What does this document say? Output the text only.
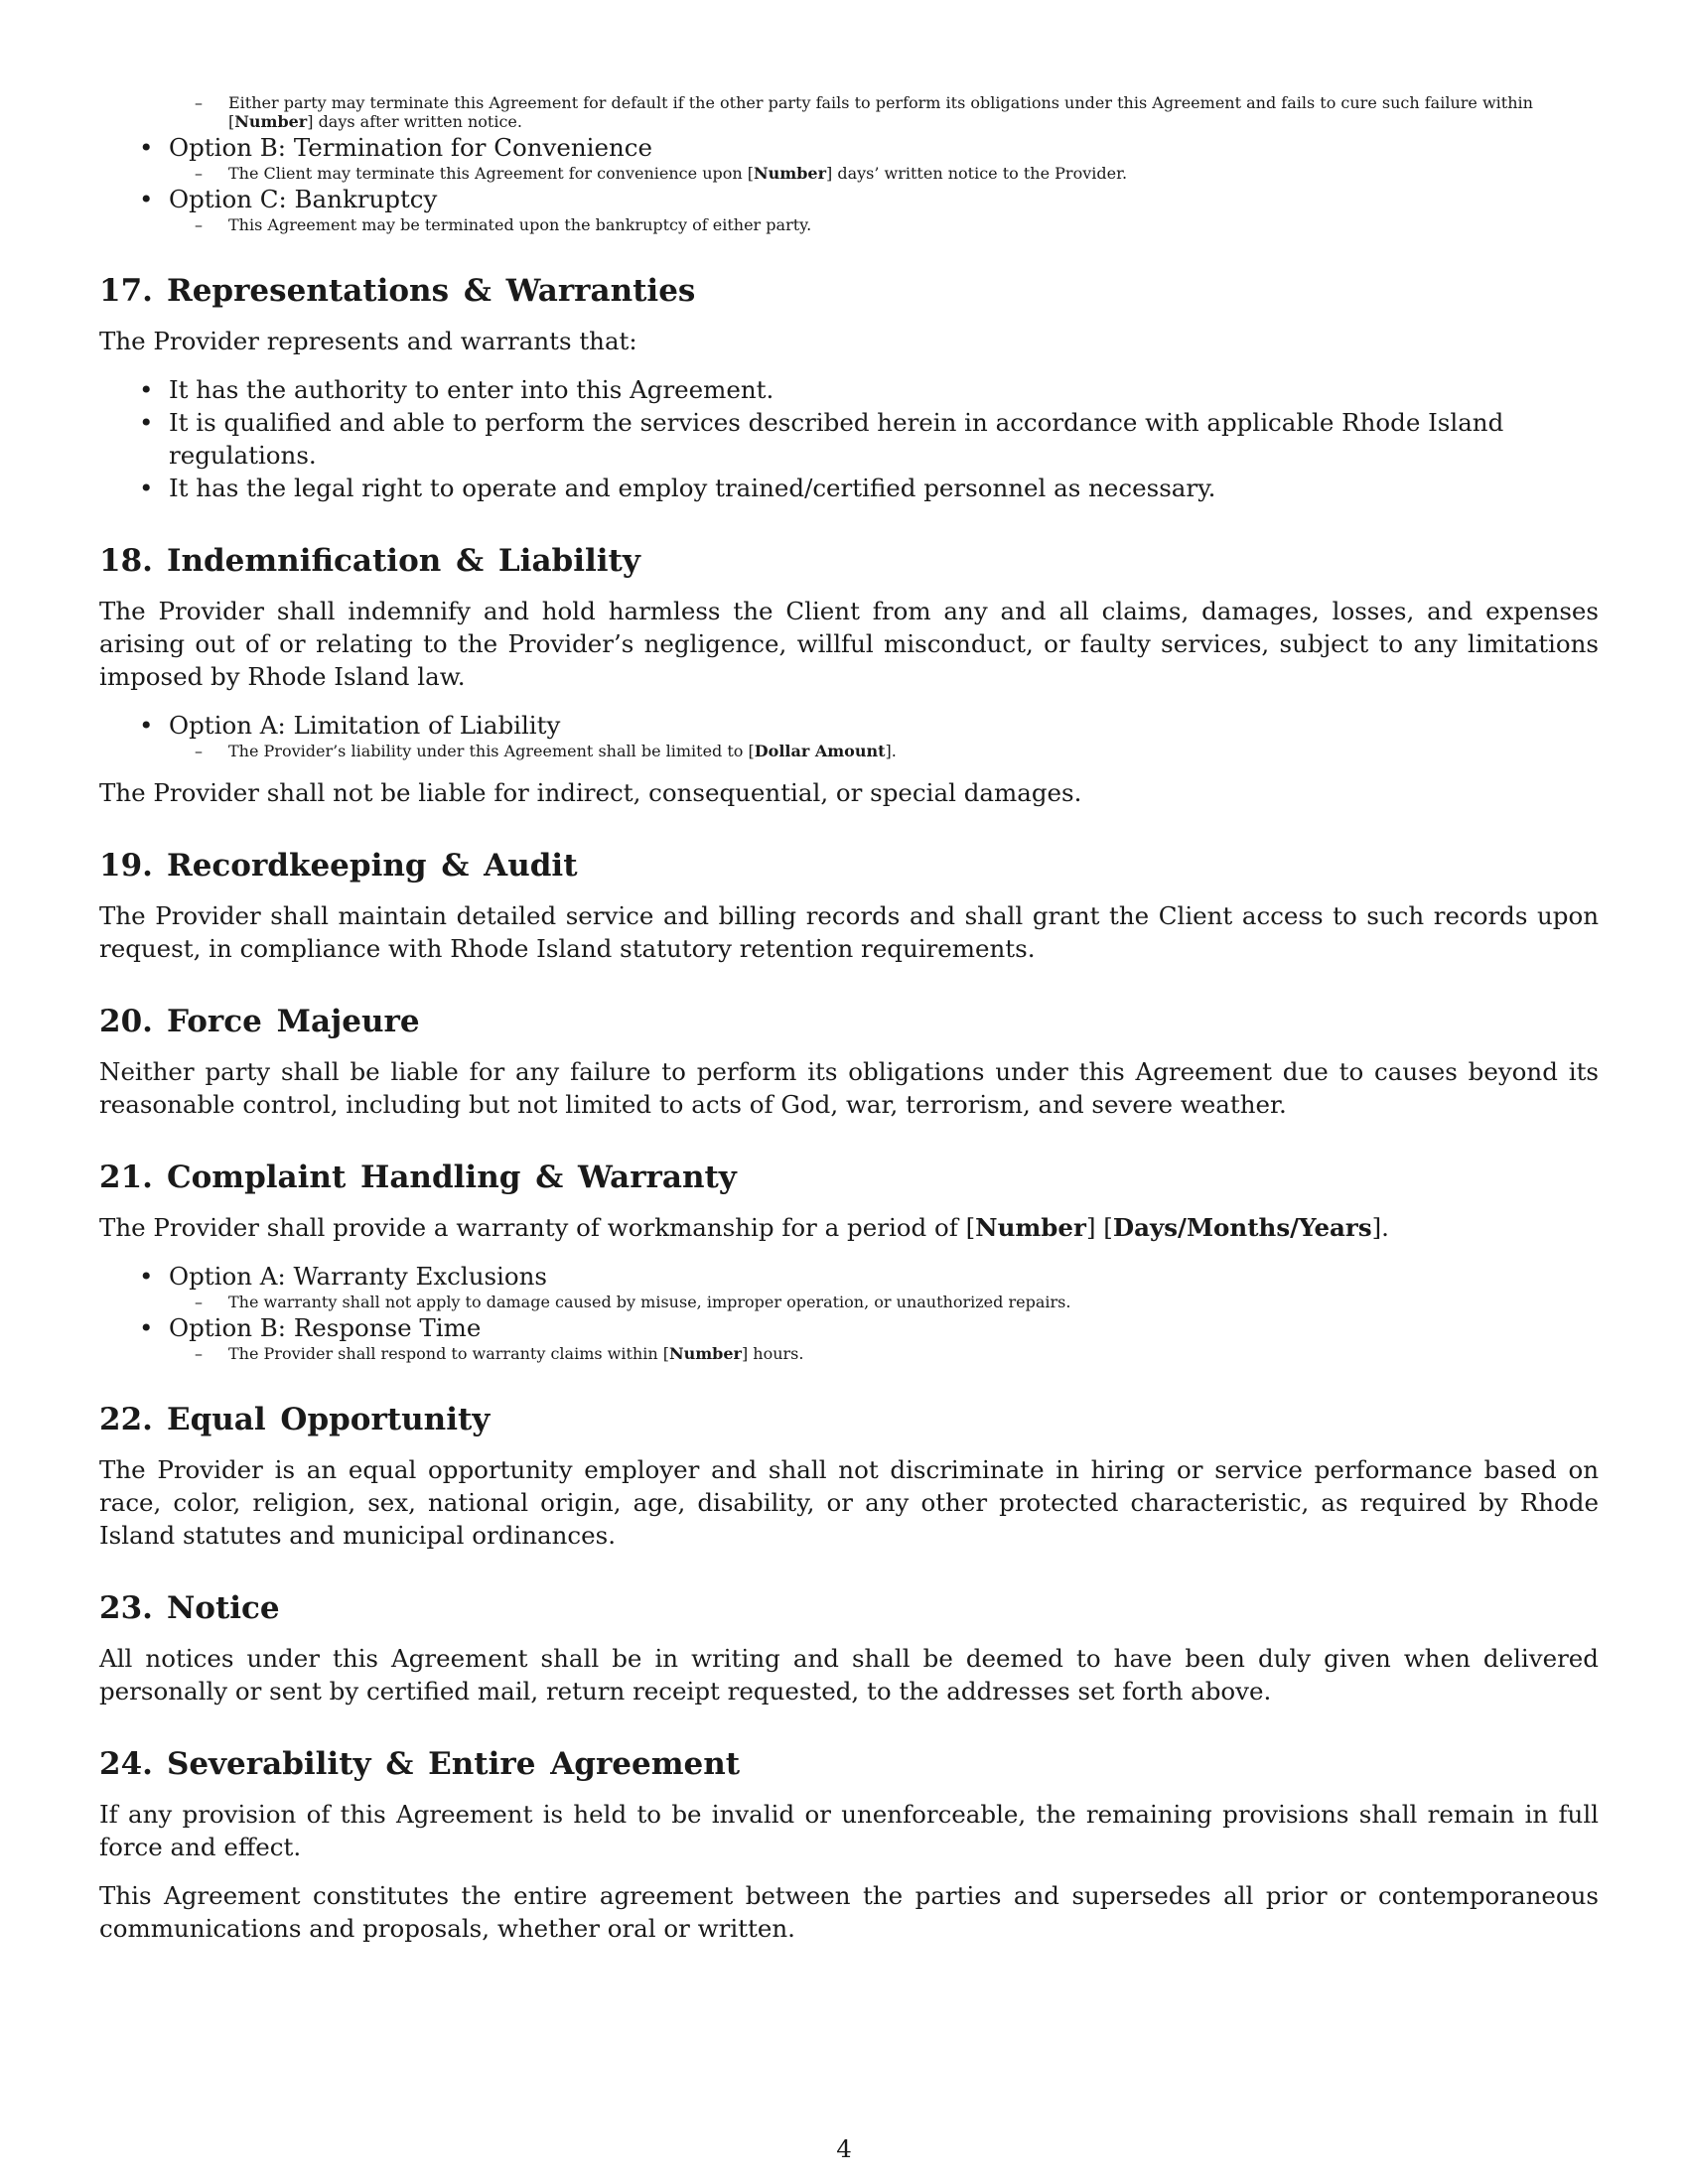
– Either party may terminate this Agreement for default if the other party fails to perform its obligations under this Agreement and fails to cure such failure within [Number] days after written notice.
• Option B: Termination for Convenience
– The Client may terminate this Agreement for convenience upon [Number] days’ written notice to the Provider.
• Option C: Bankruptcy
– This Agreement may be terminated upon the bankruptcy of either party.
17. Representations & Warranties

The Provider represents and warrants that:

• It has the authority to enter into this Agreement.
• It is qualified and able to perform the services described herein in accordance with applicable Rhode Island regulations.
• It has the legal right to operate and employ trained/certified personnel as necessary.
18. Indemnification & Liability

The Provider shall indemnify and hold harmless the Client from any and all claims, damages, losses, and expenses arising out of or relating to the Provider’s negligence, willful misconduct, or faulty services, subject to any limitations imposed by Rhode Island law.

• Option A: Limitation of Liability
– The Provider’s liability under this Agreement shall be limited to [Dollar Amount].

The Provider shall not be liable for indirect, consequential, or special damages.

19. Recordkeeping & Audit

The Provider shall maintain detailed service and billing records and shall grant the Client access to such records upon request, in compliance with Rhode Island statutory retention requirements.

20. Force Majeure

Neither party shall be liable for any failure to perform its obligations under this Agreement due to causes beyond its reasonable control, including but not limited to acts of God, war, terrorism, and severe weather.

21. Complaint Handling & Warranty

The Provider shall provide a warranty of workmanship for a period of [Number] [Days/Months/Years].

• Option A: Warranty Exclusions
– The warranty shall not apply to damage caused by misuse, improper operation, or unauthorized repairs.
• Option B: Response Time
– The Provider shall respond to warranty claims within [Number] hours.
22. Equal Opportunity

The Provider is an equal opportunity employer and shall not discriminate in hiring or service performance based on race, color, religion, sex, national origin, age, disability, or any other protected characteristic, as required by Rhode Island statutes and municipal ordinances.

23. Notice

All notices under this Agreement shall be in writing and shall be deemed to have been duly given when delivered personally or sent by certified mail, return receipt requested, to the addresses set forth above.

24. Severability & Entire Agreement

If any provision of this Agreement is held to be invalid or unenforceable, the remaining provisions shall remain in full force and effect.

This Agreement constitutes the entire agreement between the parties and supersedes all prior or contemporaneous communications and proposals, whether oral or written.

4
